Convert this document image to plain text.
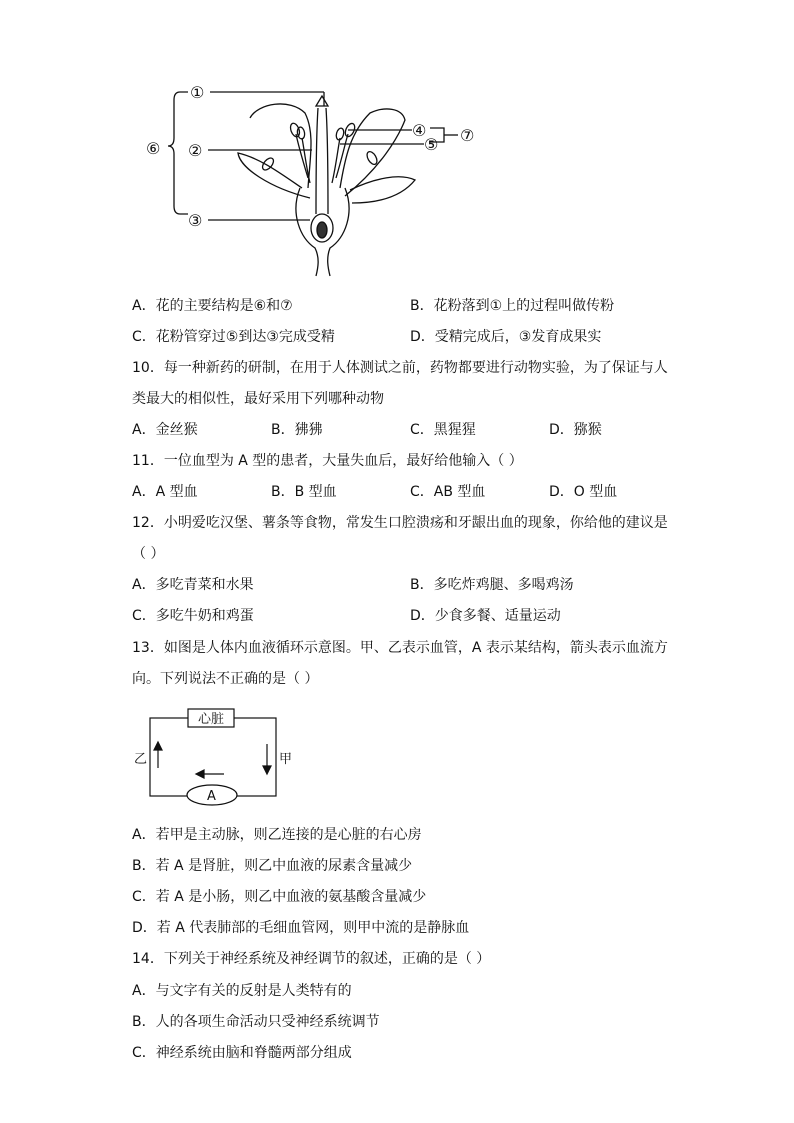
①
②
③
④
⑤
⑥
⑦
A．花的主要结构是⑥和⑦	B．花粉落到①上的过程叫做传粉
C．花粉管穿过⑤到达③完成受精	D．受精完成后，③发育成果实
10．每一种新药的研制，在用于人体测试之前，药物都要进行动物实验，为了保证与人
类最大的相似性，最好采用下列哪种动物
A．金丝猴	B．狒狒	C．黑猩猩	D．猕猴
11．一位血型为 A 型的患者，大量失血后，最好给他输入（ ）
A．A 型血	B．B 型血	C．AB 型血	D．O 型血
12．小明爱吃汉堡、薯条等食物，常发生口腔溃疡和牙龈出血的现象，你给他的建议是
（ ）
A．多吃青菜和水果	B．多吃炸鸡腿、多喝鸡汤
C．多吃牛奶和鸡蛋	D．少食多餐、适量运动
13．如图是人体内血液循环示意图。甲、乙表示血管，A 表示某结构，箭头表示血流方
向。下列说法不正确的是（ ）
心脏
乙	甲
A
A．若甲是主动脉，则乙连接的是心脏的右心房
B．若 A 是肾脏，则乙中血液的尿素含量减少
C．若 A 是小肠，则乙中血液的氨基酸含量减少
D．若 A 代表肺部的毛细血管网，则甲中流的是静脉血
14．下列关于神经系统及神经调节的叙述，正确的是（ ）
A．与文字有关的反射是人类特有的
B．人的各项生命活动只受神经系统调节
C．神经系统由脑和脊髓两部分组成
